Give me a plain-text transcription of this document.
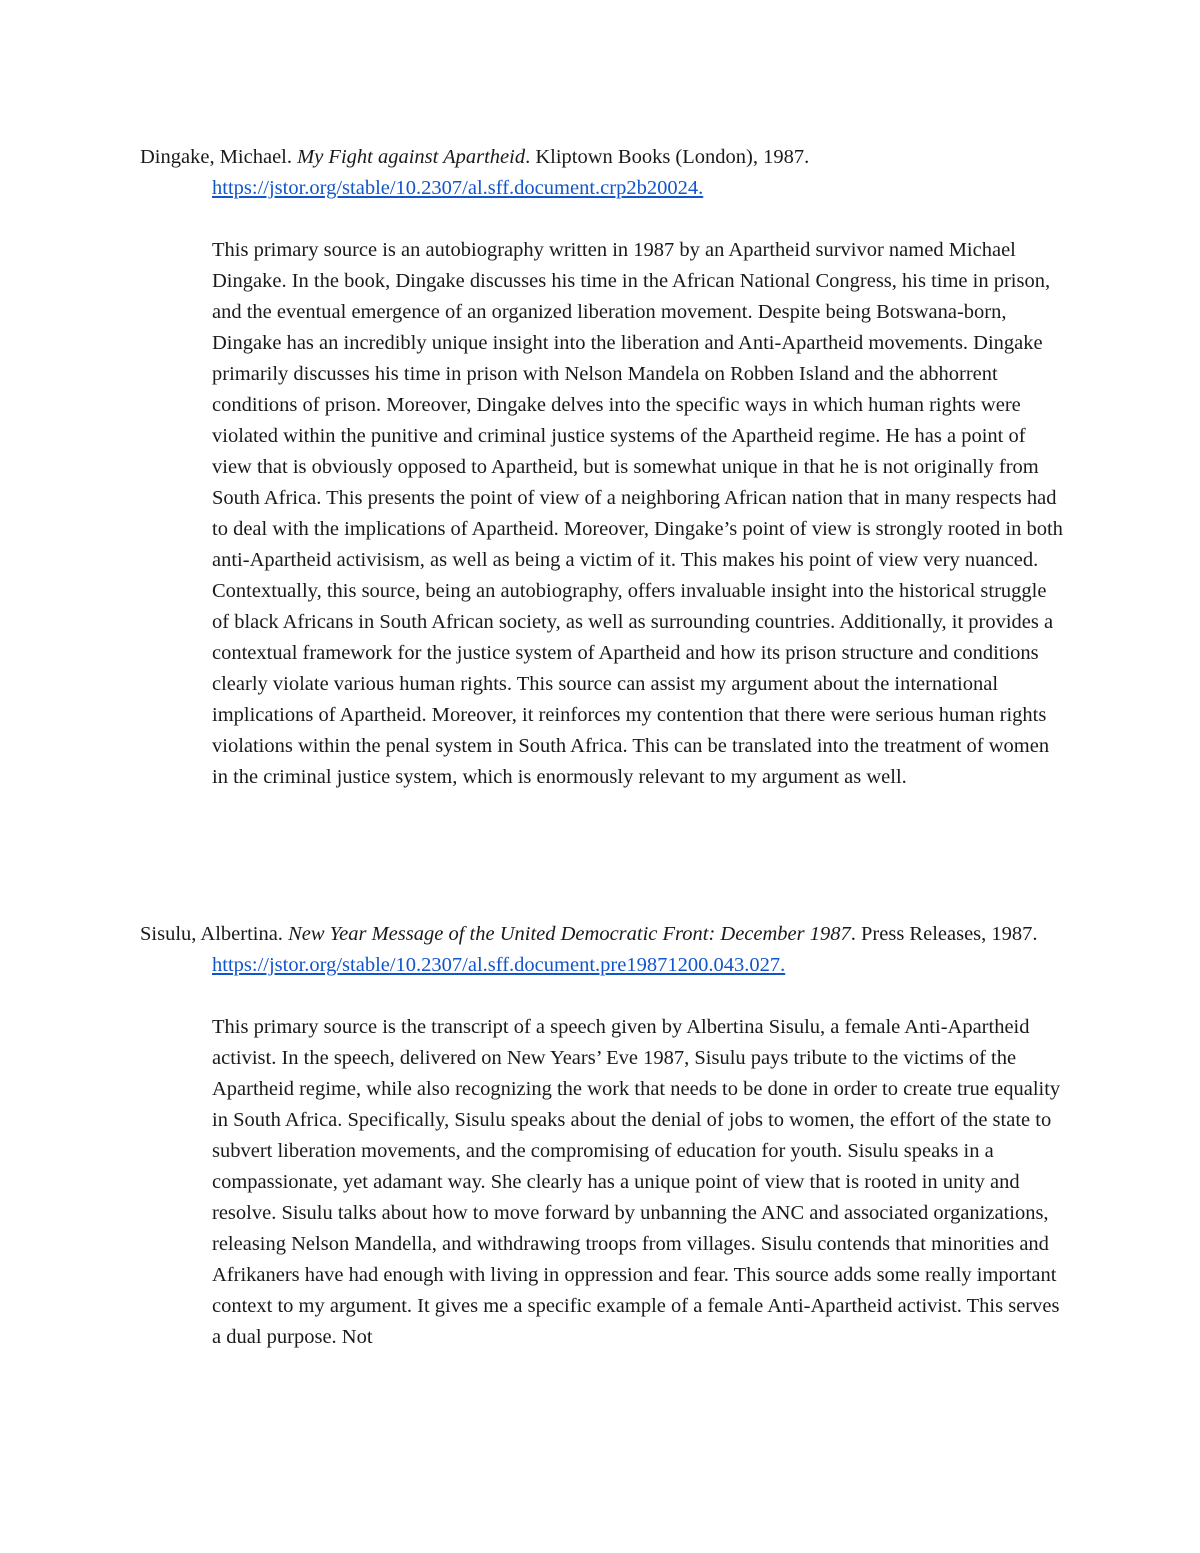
Dingake, Michael. My Fight against Apartheid. Kliptown Books (London), 1987. https://jstor.org/stable/10.2307/al.sff.document.crp2b20024.

This primary source is an autobiography written in 1987 by an Apartheid survivor named Michael Dingake. In the book, Dingake discusses his time in the African National Congress, his time in prison, and the eventual emergence of an organized liberation movement. Despite being Botswana-born, Dingake has an incredibly unique insight into the liberation and Anti-Apartheid movements. Dingake primarily discusses his time in prison with Nelson Mandela on Robben Island and the abhorrent conditions of prison. Moreover, Dingake delves into the specific ways in which human rights were violated within the punitive and criminal justice systems of the Apartheid regime. He has a point of view that is obviously opposed to Apartheid, but is somewhat unique in that he is not originally from South Africa. This presents the point of view of a neighboring African nation that in many respects had to deal with the implications of Apartheid. Moreover, Dingake’s point of view is strongly rooted in both anti-Apartheid activisism, as well as being a victim of it. This makes his point of view very nuanced. Contextually, this source, being an autobiography, offers invaluable insight into the historical struggle of black Africans in South African society, as well as surrounding countries. Additionally, it provides a contextual framework for the justice system of Apartheid and how its prison structure and conditions clearly violate various human rights. This source can assist my argument about the international implications of Apartheid. Moreover, it reinforces my contention that there were serious human rights violations within the penal system in South Africa. This can be translated into the treatment of women in the criminal justice system, which is enormously relevant to my argument as well.

Sisulu, Albertina. New Year Message of the United Democratic Front: December 1987. Press Releases, 1987. https://jstor.org/stable/10.2307/al.sff.document.pre19871200.043.027.

This primary source is the transcript of a speech given by Albertina Sisulu, a female Anti-Apartheid activist. In the speech, delivered on New Years’ Eve 1987, Sisulu pays tribute to the victims of the Apartheid regime, while also recognizing the work that needs to be done in order to create true equality in South Africa. Specifically, Sisulu speaks about the denial of jobs to women, the effort of the state to subvert liberation movements, and the compromising of education for youth. Sisulu speaks in a compassionate, yet adamant way. She clearly has a unique point of view that is rooted in unity and resolve. Sisulu talks about how to move forward by unbanning the ANC and associated organizations, releasing Nelson Mandella, and withdrawing troops from villages. Sisulu contends that minorities and Afrikaners have had enough with living in oppression and fear. This source adds some really important context to my argument. It gives me a specific example of a female Anti-Apartheid activist. This serves a dual purpose. Not
